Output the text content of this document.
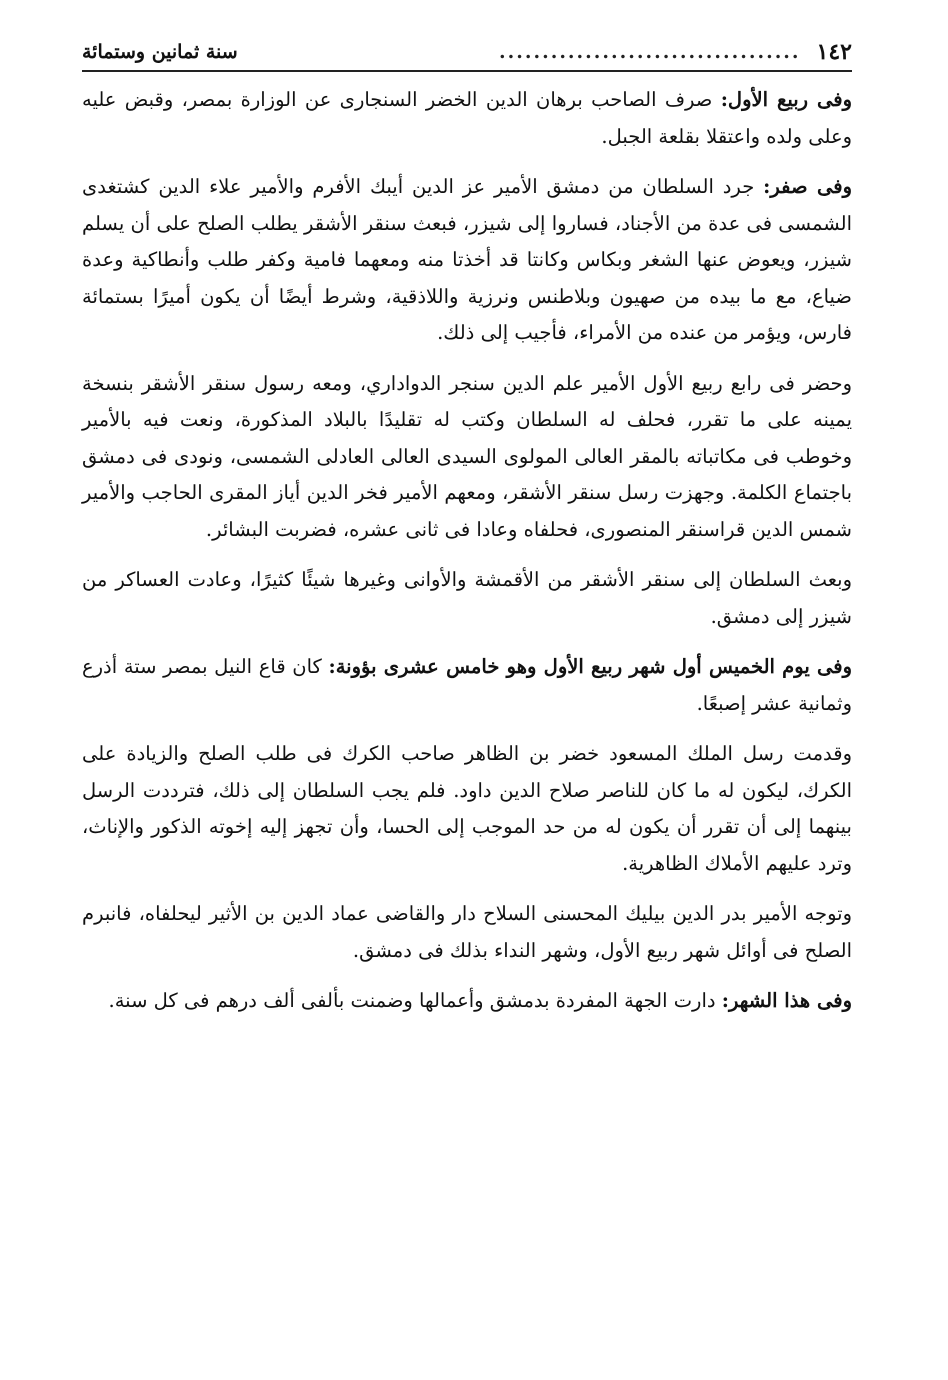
١٤٢
...................................
سنة ثمانين وستمائة

وفى ربيع الأول: صرف الصاحب برهان الدين الخضر السنجارى عن الوزارة بمصر، وقبض عليه وعلى ولده واعتقلا بقلعة الجبل.

وفى صفر: جرد السلطان من دمشق الأمير عز الدين أيبك الأفرم والأمير علاء الدين كشتغدى الشمسى فى عدة من الأجناد، فساروا إلى شيزر، فبعث سنقر الأشقر يطلب الصلح على أن يسلم شيزر، ويعوض عنها الشغر وبكاس وكانتا قد أخذتا منه ومعهما فامية وكفر طلب وأنطاكية وعدة ضياع، مع ما بيده من صهيون وبلاطنس ونرزية واللاذقية، وشرط أيضًا أن يكون أميرًا بستمائة فارس، ويؤمر من عنده من الأمراء، فأجيب إلى ذلك.

وحضر فى رابع ربيع الأول الأمير علم الدين سنجر الدواداري، ومعه رسول سنقر الأشقر بنسخة يمينه على ما تقرر، فحلف له السلطان وكتب له تقليدًا بالبلاد المذكورة، ونعت فيه بالأمير وخوطب فى مكاتباته بالمقر العالى المولوى السيدى العالى العادلى الشمسى، ونودى فى دمشق باجتماع الكلمة. وجهزت رسل سنقر الأشقر، ومعهم الأمير فخر الدين أياز المقرى الحاجب والأمير شمس الدين قراسنقر المنصورى، فحلفاه وعادا فى ثانى عشره، فضربت البشائر.

وبعث السلطان إلى سنقر الأشقر من الأقمشة والأوانى وغيرها شيئًا كثيرًا، وعادت العساكر من شيزر إلى دمشق.

وفى يوم الخميس أول شهر ربيع الأول وهو خامس عشرى بؤونة: كان قاع النيل بمصر ستة أذرع وثمانية عشر إصبعًا.

وقدمت رسل الملك المسعود خضر بن الظاهر صاحب الكرك فى طلب الصلح والزيادة على الكرك، ليكون له ما كان للناصر صلاح الدين داود. فلم يجب السلطان إلى ذلك، فترددت الرسل بينهما إلى أن تقرر أن يكون له من حد الموجب إلى الحسا، وأن تجهز إليه إخوته الذكور والإناث، وترد عليهم الأملاك الظاهرية.

وتوجه الأمير بدر الدين بيليك المحسنى السلاح دار والقاضى عماد الدين بن الأثير ليحلفاه، فانبرم الصلح فى أوائل شهر ربيع الأول، وشهر النداء بذلك فى دمشق.

وفى هذا الشهر: دارت الجهة المفردة بدمشق وأعمالها وضمنت بألفى ألف درهم فى كل سنة.
